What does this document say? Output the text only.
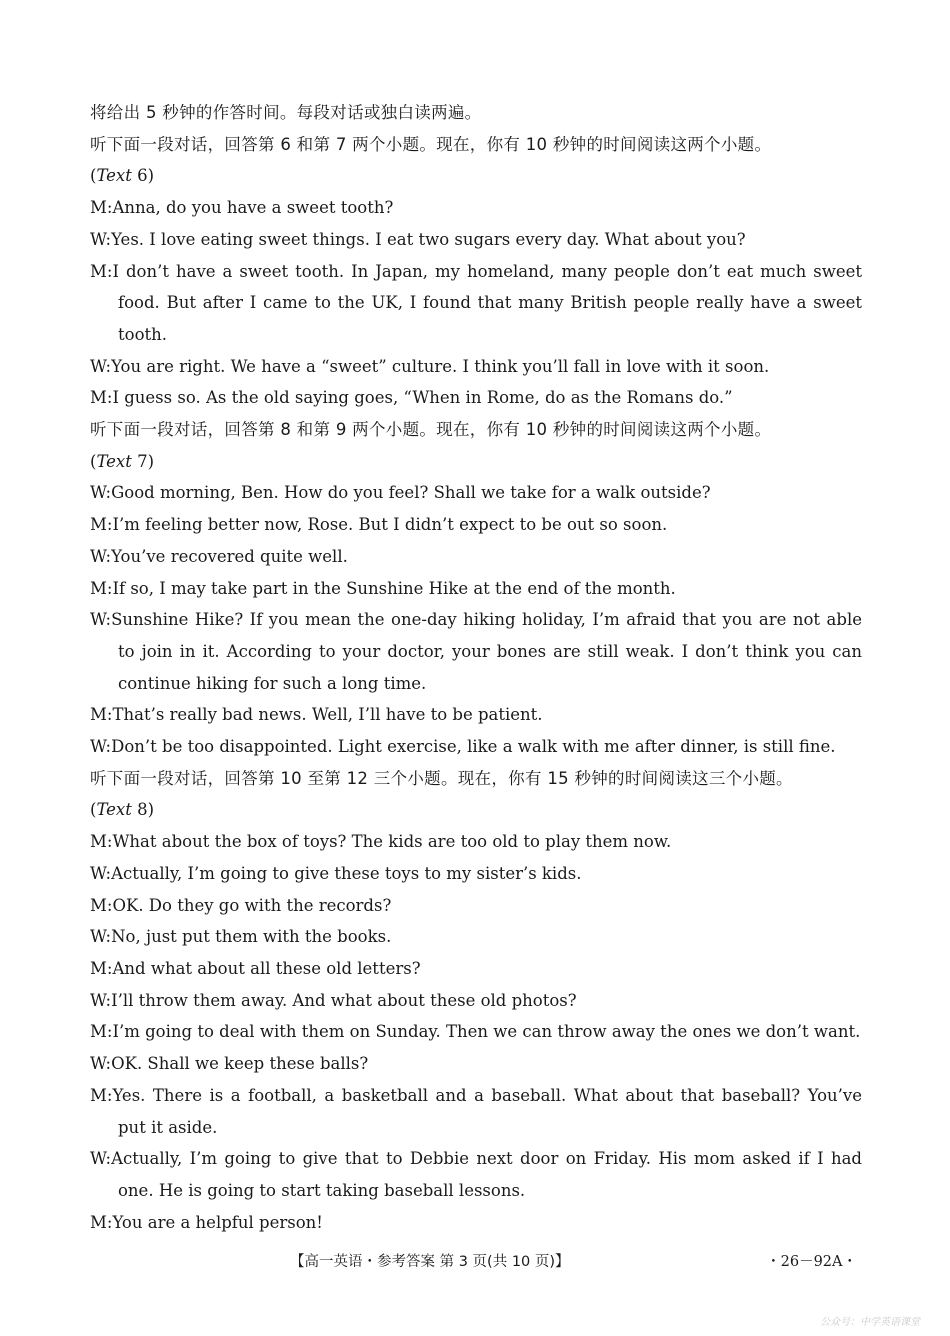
将给出 5 秒钟的作答时间。每段对话或独白读两遍。
听下面一段对话，回答第 6 和第 7 两个小题。现在，你有 10 秒钟的时间阅读这两个小题。
(Text 6)
M:Anna, do you have a sweet tooth?
W:Yes. I love eating sweet things. I eat two sugars every day. What about you?
M:I don’t have a sweet tooth. In Japan, my homeland, many people don’t eat much sweet food. But after I came to the UK, I found that many British people really have a sweet tooth.
W:You are right. We have a “sweet” culture. I think you’ll fall in love with it soon.
M:I guess so. As the old saying goes, “When in Rome, do as the Romans do.”
听下面一段对话，回答第 8 和第 9 两个小题。现在，你有 10 秒钟的时间阅读这两个小题。
(Text 7)
W:Good morning, Ben. How do you feel? Shall we take for a walk outside?
M:I’m feeling better now, Rose. But I didn’t expect to be out so soon.
W:You’ve recovered quite well.
M:If so, I may take part in the Sunshine Hike at the end of the month.
W:Sunshine Hike? If you mean the one-day hiking holiday, I’m afraid that you are not able to join in it. According to your doctor, your bones are still weak. I don’t think you can continue hiking for such a long time.
M:That’s really bad news. Well, I’ll have to be patient.
W:Don’t be too disappointed. Light exercise, like a walk with me after dinner, is still fine.
听下面一段对话，回答第 10 至第 12 三个小题。现在，你有 15 秒钟的时间阅读这三个小题。
(Text 8)
M:What about the box of toys? The kids are too old to play them now.
W:Actually, I’m going to give these toys to my sister’s kids.
M:OK. Do they go with the records?
W:No, just put them with the books.
M:And what about all these old letters?
W:I’ll throw them away. And what about these old photos?
M:I’m going to deal with them on Sunday. Then we can throw away the ones we don’t want.
W:OK. Shall we keep these balls?
M:Yes. There is a football, a basketball and a baseball. What about that baseball? You’ve put it aside.
W:Actually, I’m going to give that to Debbie next door on Friday. His mom asked if I had one. He is going to start taking baseball lessons.
M:You are a helpful person!
【高一英语・参考答案 第 3 页(共 10 页)】	・26－92A・
公众号：中学英语课堂
